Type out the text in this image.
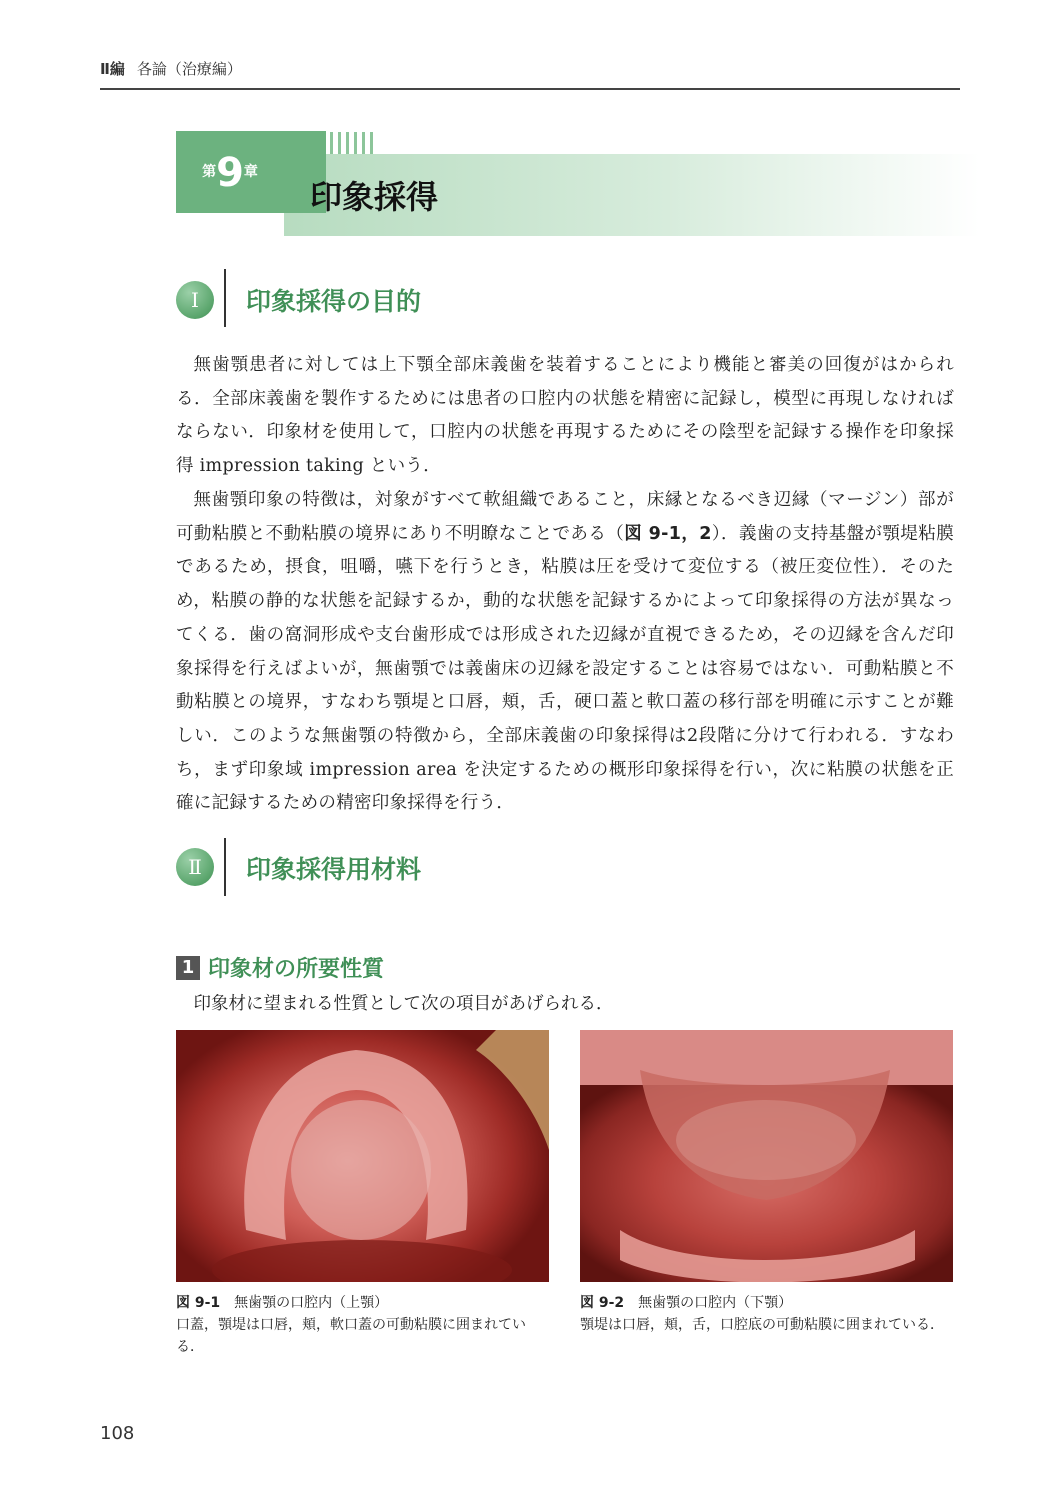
Ⅱ編 各論（治療編）
第9章
印象採得
Ⅰ	印象採得の目的

無歯顎患者に対しては上下顎全部床義歯を装着することにより機能と審美の回復がはかられる．全部床義歯を製作するためには患者の口腔内の状態を精密に記録し，模型に再現しなければならない．印象材を使用して，口腔内の状態を再現するためにその陰型を記録する操作を印象採得 impression taking という．

無歯顎印象の特徴は，対象がすべて軟組織であること，床縁となるべき辺縁（マージン）部が可動粘膜と不動粘膜の境界にあり不明瞭なことである（図 9-1，2）．義歯の支持基盤が顎堤粘膜であるため，摂食，咀嚼，嚥下を行うとき，粘膜は圧を受けて変位する（被圧変位性）．そのため，粘膜の静的な状態を記録するか，動的な状態を記録するかによって印象採得の方法が異なってくる．歯の窩洞形成や支台歯形成では形成された辺縁が直視できるため，その辺縁を含んだ印象採得を行えばよいが，無歯顎では義歯床の辺縁を設定することは容易ではない．可動粘膜と不動粘膜との境界，すなわち顎堤と口唇，頬，舌，硬口蓋と軟口蓋の移行部を明確に示すことが難しい．このような無歯顎の特徴から，全部床義歯の印象採得は2段階に分けて行われる．すなわち，まず印象域 impression area を決定するための概形印象採得を行い，次に粘膜の状態を正確に記録するための精密印象採得を行う．

Ⅱ	印象採得用材料
1 印象材の所要性質
印象材に望まれる性質として次の項目があげられる．
図 9-1 無歯顎の口腔内（上顎）
口蓋，顎堤は口唇，頬，軟口蓋の可動粘膜に囲まれている．
図 9-2 無歯顎の口腔内（下顎）
顎堤は口唇，頬，舌，口腔底の可動粘膜に囲まれている．
108
